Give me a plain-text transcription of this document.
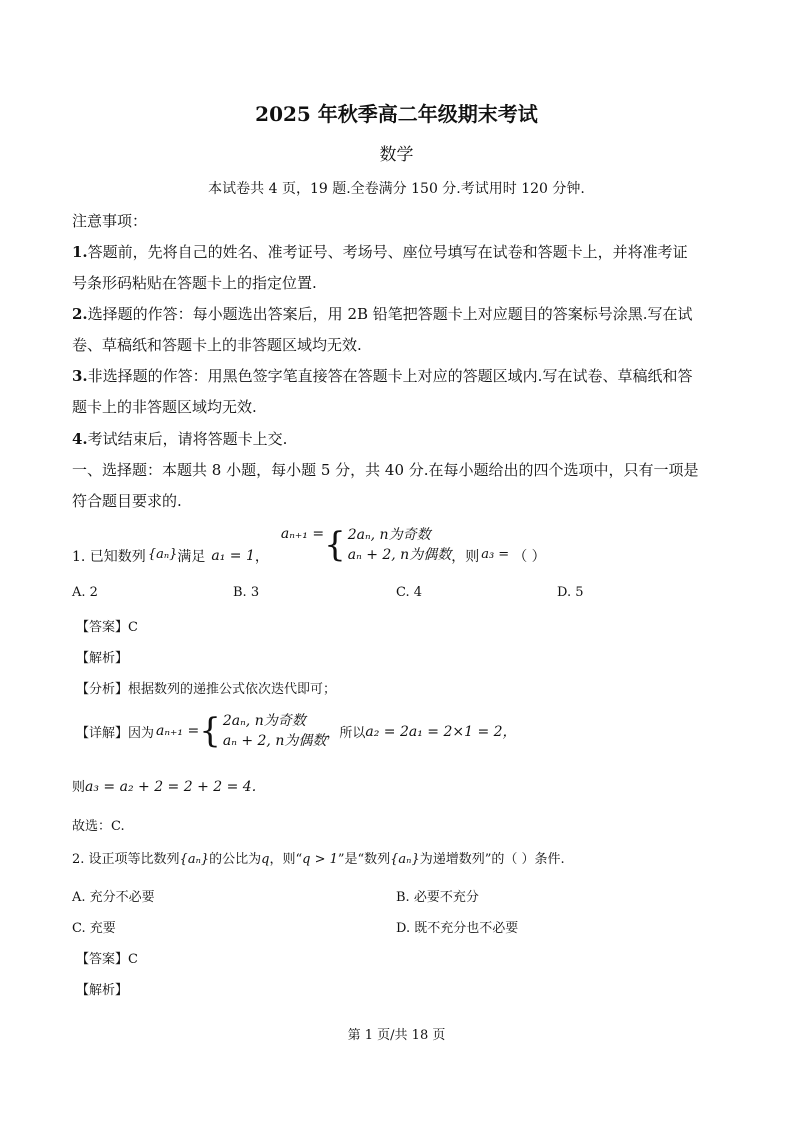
2025 年秋季高二年级期末考试
数学
本试卷共 4 页，19 题.全卷满分 150 分.考试用时 120 分钟.
注意事项：
1.答题前，先将自己的姓名、准考证号、考场号、座位号填写在试卷和答题卡上，并将准考证
号条形码粘贴在答题卡上的指定位置.
2.选择题的作答：每小题选出答案后，用 2B 铅笔把答题卡上对应题目的答案标号涂黑.写在试
卷、草稿纸和答题卡上的非答题区域均无效.
3.非选择题的作答：用黑色签字笔直接答在答题卡上对应的答题区域内.写在试卷、草稿纸和答
题卡上的非答题区域均无效.
4.考试结束后，请将答题卡上交.
一、选择题：本题共 8 小题，每小题 5 分，共 40 分.在每小题给出的四个选项中，只有一项是
符合题目要求的.
1. 已知数列 {aₙ} 满足 a₁ = 1 ，
aₙ₊₁ = { 2aₙ, n为奇数
aₙ + 2, n为偶数 ，则 a₃ = （ ）
A. 2	B. 3	C. 4	D. 5
【答案】C
【解析】
【分析】根据数列的递推公式依次迭代即可；
【详解】因为 aₙ₊₁ = { 2aₙ, n为奇数
aₙ + 2, n为偶数 ，所以 a₂ = 2a₁ = 2×1 = 2，
则a₃ = a₂ + 2 = 2 + 2 = 4.
故选：C.
2. 设正项等比数列{aₙ}的公比为q，则“q > 1”是“数列{aₙ}为递增数列”的（ ）条件.
A. 充分不必要	B. 必要不充分
C. 充要	D. 既不充分也不必要
【答案】C
【解析】
第 1 页/共 18 页
